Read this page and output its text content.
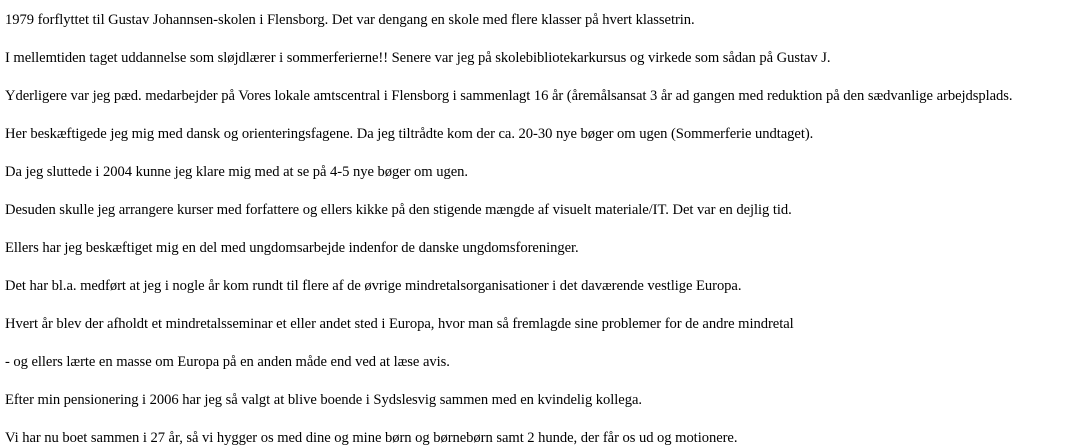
1979 forflyttet til Gustav Johannsen-skolen i Flensborg. Det var dengang en skole med flere klasser på hvert klassetrin.

I mellemtiden taget uddannelse som sløjdlærer i sommerferierne!! Senere var jeg på skolebibliotekarkursus og virkede som sådan på Gustav J.

Yderligere var jeg pæd. medarbejder på Vores lokale amtscentral i Flensborg i sammenlagt 16 år (åremålsansat 3 år ad gangen med reduktion på den sædvanlige arbejdsplads.

Her beskæftigede jeg mig med dansk og orienteringsfagene. Da jeg tiltrådte kom der ca. 20-30 nye bøger om ugen (Sommerferie undtaget).

Da jeg sluttede i 2004 kunne jeg klare mig med at se på 4-5 nye bøger om ugen.

Desuden skulle jeg arrangere kurser med forfattere og ellers kikke på den stigende mængde af visuelt materiale/IT. Det var en dejlig tid.

Ellers har jeg beskæftiget mig en del med ungdomsarbejde indenfor de danske ungdomsforeninger.

Det har bl.a. medført at jeg i nogle år kom rundt til flere af de øvrige mindretalsorganisationer i det daværende vestlige Europa.

Hvert år blev der afholdt et mindretalsseminar et eller andet sted i Europa, hvor man så fremlagde sine problemer for de andre mindretal

- og ellers lærte en masse om Europa på en anden måde end ved at læse avis.

Efter min pensionering i 2006 har jeg så valgt at blive boende i Sydslesvig sammen med en kvindelig kollega.

Vi har nu boet sammen i 27 år, så vi hygger os med dine og mine børn og børnebørn samt 2 hunde, der får os ud og motionere.
